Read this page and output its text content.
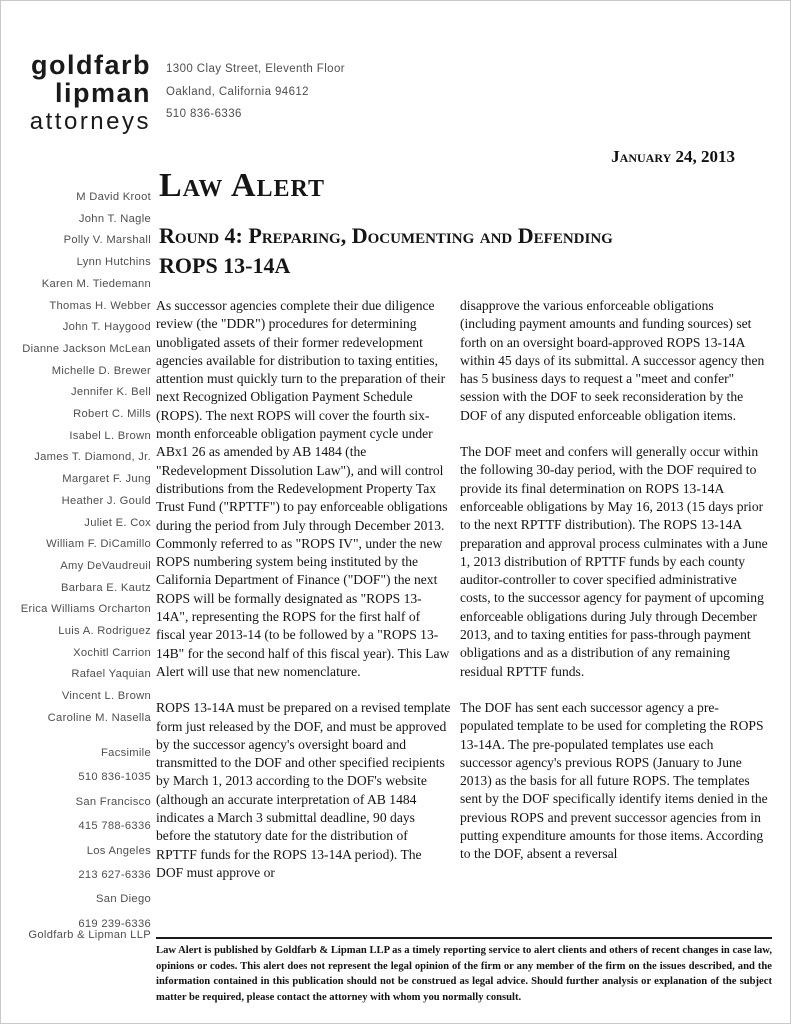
goldfarb
lipman
attorneys
1300 Clay Street, Eleventh Floor
Oakland, California 94612
510 836-6336
January 24, 2013
Law Alert
Round 4: Preparing, Documenting and Defending ROPS 13-14A
M David Kroot
John T. Nagle
Polly V. Marshall
Lynn Hutchins
Karen M. Tiedemann
Thomas H. Webber
John T. Haygood
Dianne Jackson McLean
Michelle D. Brewer
Jennifer K. Bell
Robert C. Mills
Isabel L. Brown
James T. Diamond, Jr.
Margaret F. Jung
Heather J. Gould
Juliet E. Cox
William F. DiCamillo
Amy DeVaudreuil
Barbara E. Kautz
Erica Williams Orcharton
Luis A. Rodriguez
Xochitl Carrion
Rafael Yaquian
Vincent L. Brown
Caroline M. Nasella
Facsimile
510 836-1035
San Francisco
415 788-6336
Los Angeles
213 627-6336
San Diego
619 239-6336
Goldfarb & Lipman LLP

As successor agencies complete their due diligence review (the "DDR") procedures for determining unobligated assets of their former redevelopment agencies available for distribution to taxing entities, attention must quickly turn to the preparation of their next Recognized Obligation Payment Schedule (ROPS). The next ROPS will cover the fourth six-month enforceable obligation payment cycle under ABx1 26 as amended by AB 1484 (the "Redevelopment Dissolution Law"), and will control distributions from the Redevelopment Property Tax Trust Fund ("RPTTF") to pay enforceable obligations during the period from July through December 2013. Commonly referred to as "ROPS IV", under the new ROPS numbering system being instituted by the California Department of Finance ("DOF") the next ROPS will be formally designated as "ROPS 13-14A", representing the ROPS for the first half of fiscal year 2013-14 (to be followed by a "ROPS 13-14B" for the second half of this fiscal year). This Law Alert will use that new nomenclature.

ROPS 13-14A must be prepared on a revised template form just released by the DOF, and must be approved by the successor agency's oversight board and transmitted to the DOF and other specified recipients by March 1, 2013 according to the DOF's website (although an accurate interpretation of AB 1484 indicates a March 3 submittal deadline, 90 days before the statutory date for the distribution of RPTTF funds for the ROPS 13-14A period). The DOF must approve or

disapprove the various enforceable obligations (including payment amounts and funding sources) set forth on an oversight board-approved ROPS 13-14A within 45 days of its submittal. A successor agency then has 5 business days to request a "meet and confer" session with the DOF to seek reconsideration by the DOF of any disputed enforceable obligation items.

The DOF meet and confers will generally occur within the following 30-day period, with the DOF required to provide its final determination on ROPS 13-14A enforceable obligations by May 16, 2013 (15 days prior to the next RPTTF distribution). The ROPS 13-14A preparation and approval process culminates with a June 1, 2013 distribution of RPTTF funds by each county auditor-controller to cover specified administrative costs, to the successor agency for payment of upcoming enforceable obligations during July through December 2013, and to taxing entities for pass-through payment obligations and as a distribution of any remaining residual RPTTF funds.

The DOF has sent each successor agency a pre-populated template to be used for completing the ROPS 13-14A. The pre-populated templates use each successor agency's previous ROPS (January to June 2013) as the basis for all future ROPS. The templates sent by the DOF specifically identify items denied in the previous ROPS and prevent successor agencies from in putting expenditure amounts for those items. According to the DOF, absent a reversal

Law Alert is published by Goldfarb & Lipman LLP as a timely reporting service to alert clients and others of recent changes in case law, opinions or codes. This alert does not represent the legal opinion of the firm or any member of the firm on the issues described, and the information contained in this publication should not be construed as legal advice. Should further analysis or explanation of the subject matter be required, please contact the attorney with whom you normally consult.
